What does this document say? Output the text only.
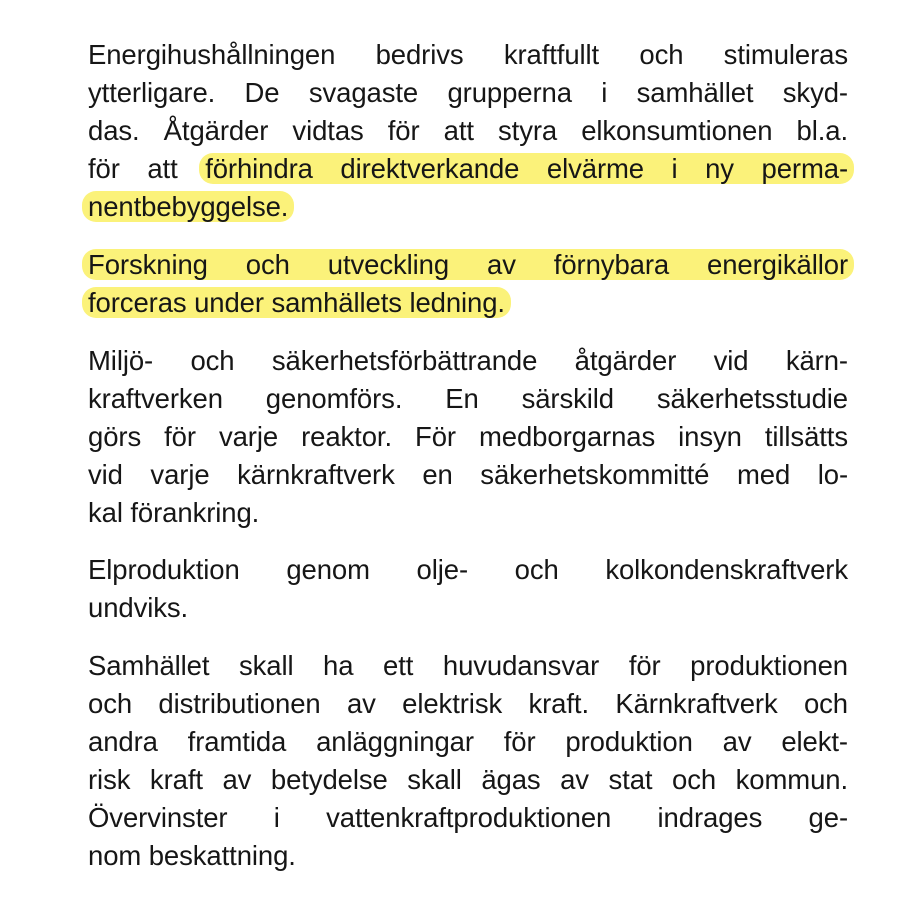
Energihushållningen bedrivs kraftfullt och stimuleras
ytterligare. De svagaste grupperna i samhället skyd-
das. Åtgärder vidtas för att styra elkonsumtionen bl.a.
för att förhindra direktverkande elvärme i ny perma-
nentbebyggelse.

Forskning och utveckling av förnybara energikällor
forceras under samhällets ledning.

Miljö- och säkerhetsförbättrande åtgärder vid kärn-
kraftverken genomförs. En särskild säkerhetsstudie
görs för varje reaktor. För medborgarnas insyn tillsätts
vid varje kärnkraftverk en säkerhetskommitté med lo-
kal förankring.

Elproduktion genom olje- och kolkondenskraftverk
undviks.

Samhället skall ha ett huvudansvar för produktionen
och distributionen av elektrisk kraft. Kärnkraftverk och
andra framtida anläggningar för produktion av elekt-
risk kraft av betydelse skall ägas av stat och kommun.
Övervinster i vattenkraftproduktionen indrages ge-
nom beskattning.
